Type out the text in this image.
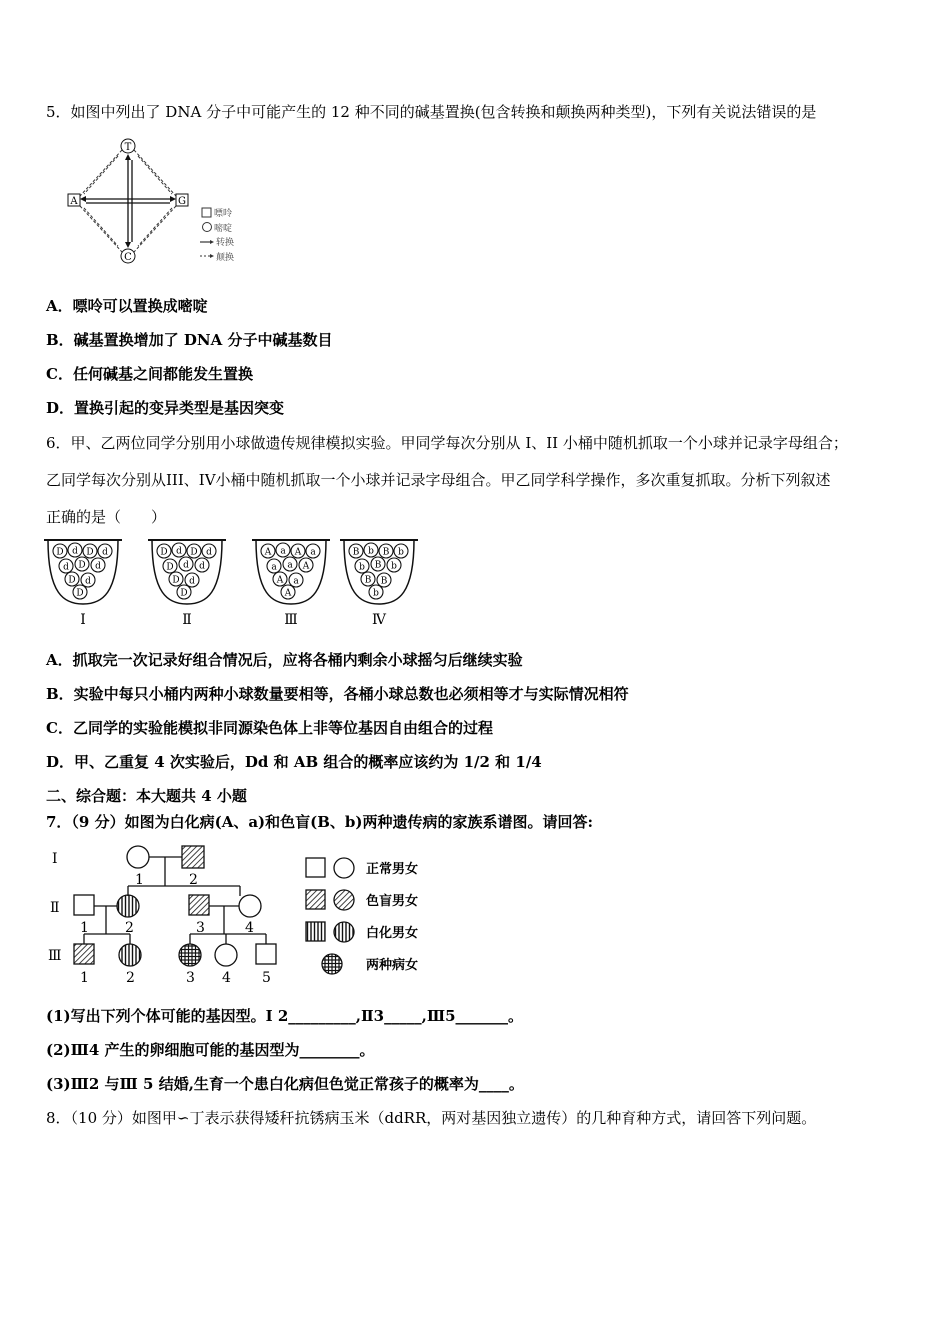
5．如图中列出了 DNA 分子中可能产生的 12 种不同的碱基置换(包含转换和颠换两种类型)，下列有关说法错误的是
T
A	G
C
嘌呤
嘧啶
转换
颠换
A．嘌呤可以置换成嘧啶
B．碱基置换增加了 DNA 分子中碱基数目
C．任何碱基之间都能发生置换
D．置换引起的变异类型是基因突变
6．甲、乙两位同学分别用小球做遗传规律模拟实验。甲同学每次分别从 I、II 小桶中随机抓取一个小球并记录字母组合；
乙同学每次分别从III、IV小桶中随机抓取一个小球并记录字母组合。甲乙同学科学操作，多次重复抓取。分析下列叙述
正确的是（　　）
D d D d
d D d
D d
D
Ⅰ
D d D d
D d d
D d
D
Ⅱ
A a A a
a a A
A a
A
Ⅲ
B b B b
b B b
B B
b
Ⅳ
A．抓取完一次记录好组合情况后，应将各桶内剩余小球摇匀后继续实验
B．实验中每只小桶内两种小球数量要相等，各桶小球总数也必须相等才与实际情况相符
C．乙同学的实验能模拟非同源染色体上非等位基因自由组合的过程
D．甲、乙重复 4 次实验后，Dd 和 AB 组合的概率应该约为 1/2 和 1/4
二、综合题：本大题共 4 小题
7．（9 分）如图为白化病(A、a)和色盲(B、b)两种遗传病的家族系谱图。请回答:
Ⅰ
Ⅱ
Ⅲ
1	2
1	2	3	4
1	2	3 4 5
正常男女
色盲男女
白化男女
两种病女
(1)写出下列个体可能的基因型。Ⅰ 2_________,Ⅱ3_____,Ⅲ5_______。
(2)Ⅲ4 产生的卵细胞可能的基因型为________。
(3)Ⅲ2 与Ⅲ 5 结婚,生育一个患白化病但色觉正常孩子的概率为____。
8．（10 分）如图甲∽丁表示获得矮秆抗锈病玉米（ddRR，两对基因独立遗传）的几种育种方式，请回答下列问题。
